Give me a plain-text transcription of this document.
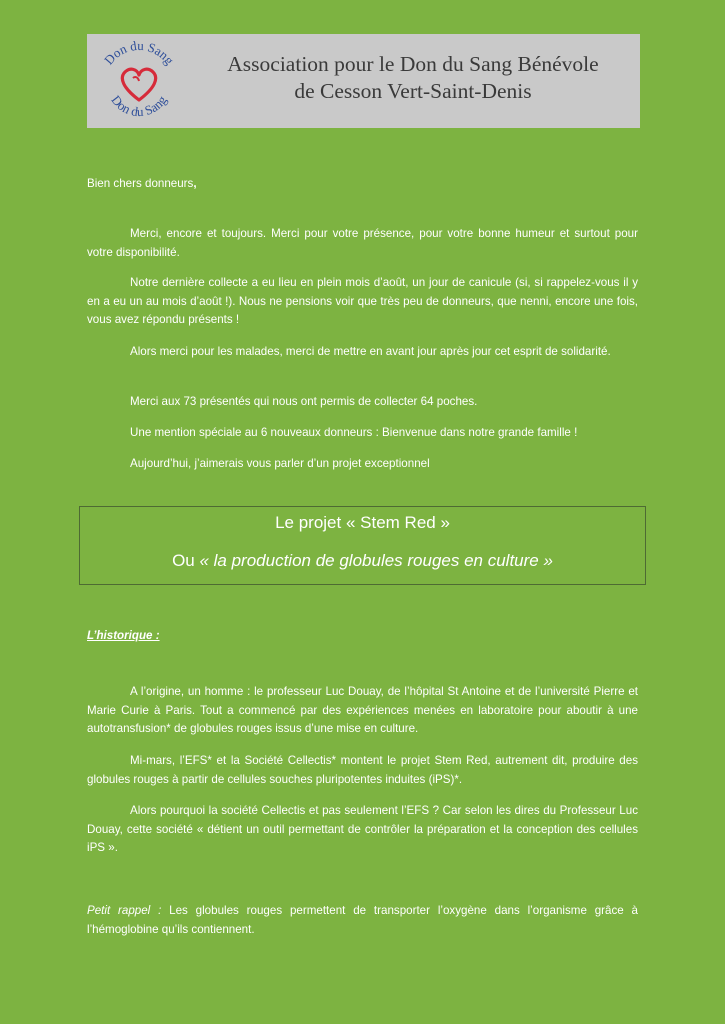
Don du Sang
Don du Sang
Association pour le Don du Sang Bénévole
de Cesson Vert-Saint-Denis
Bien chers donneurs,
Merci, encore et toujours. Merci pour votre présence, pour votre bonne humeur et surtout pour votre disponibilité.
Notre dernière collecte a eu lieu en plein mois d’août, un jour de canicule (si, si rappelez-vous il y en a eu un au mois d’août !). Nous ne pensions voir que très peu de donneurs, que nenni, encore une fois, vous avez répondu présents !
Alors merci pour les malades, merci de mettre en avant jour après jour cet esprit de solidarité.
Merci aux 73 présentés qui nous ont permis de collecter 64 poches.
Une mention spéciale au 6 nouveaux donneurs : Bienvenue dans notre grande famille !
Aujourd’hui, j’aimerais vous parler d’un projet exceptionnel
Le projet « Stem Red »
Ou « la production de globules rouges en culture »
L’historique :
A l’origine, un homme : le professeur Luc Douay, de l’hôpital St Antoine et de l’université Pierre et Marie Curie à Paris. Tout a commencé par des expériences menées en laboratoire pour aboutir à une autotransfusion* de globules rouges issus d’une mise en culture.
Mi-mars, l’EFS* et la Société Cellectis* montent le projet Stem Red, autrement dit, produire des globules rouges à partir de cellules souches pluripotentes induites (iPS)*.
Alors pourquoi la société Cellectis et pas seulement l’EFS ? Car selon les dires du Professeur Luc Douay, cette société « détient un outil permettant de contrôler la préparation et la conception des cellules iPS ».
Petit rappel : Les globules rouges permettent de transporter l’oxygène dans l’organisme grâce à l’hémoglobine qu’ils contiennent.
